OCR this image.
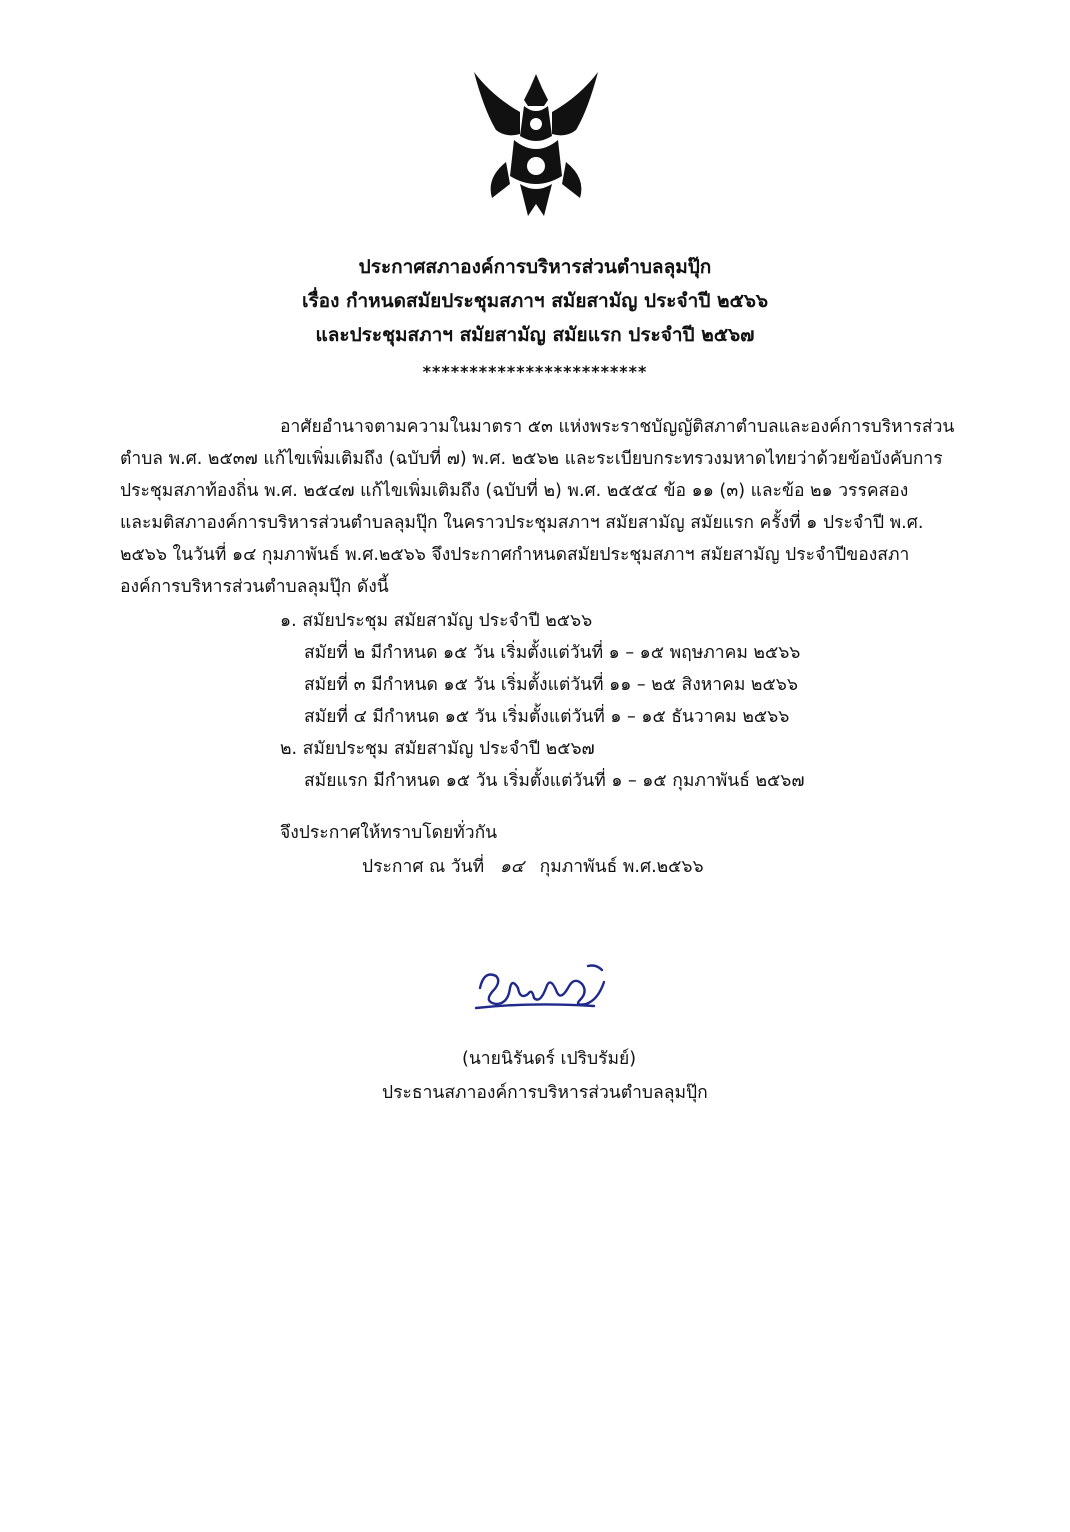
ประกาศสภาองค์การบริหารส่วนตำบลลุมปุ๊ก
เรื่อง กำหนดสมัยประชุมสภาฯ สมัยสามัญ ประจำปี ๒๕๖๖
และประชุมสภาฯ สมัยสามัญ สมัยแรก ประจำปี ๒๕๖๗
************************
อาศัยอำนาจตามความในมาตรา ๕๓ แห่งพระราชบัญญัติสภาตำบลและองค์การบริหารส่วน
ตำบล พ.ศ. ๒๕๓๗ แก้ไขเพิ่มเติมถึง (ฉบับที่ ๗) พ.ศ. ๒๕๖๒ และระเบียบกระทรวงมหาดไทยว่าด้วยข้อบังคับการ
ประชุมสภาท้องถิ่น พ.ศ. ๒๕๔๗ แก้ไขเพิ่มเติมถึง (ฉบับที่ ๒) พ.ศ. ๒๕๕๔ ข้อ ๑๑ (๓) และข้อ ๒๑ วรรคสอง
และมติสภาองค์การบริหารส่วนตำบลลุมปุ๊ก ในคราวประชุมสภาฯ สมัยสามัญ สมัยแรก ครั้งที่ ๑ ประจำปี พ.ศ.
๒๕๖๖ ในวันที่ ๑๔ กุมภาพันธ์ พ.ศ.๒๕๖๖ จึงประกาศกำหนดสมัยประชุมสภาฯ สมัยสามัญ ประจำปีของสภา
องค์การบริหารส่วนตำบลลุมปุ๊ก ดังนี้
๑. สมัยประชุม สมัยสามัญ ประจำปี ๒๕๖๖
สมัยที่ ๒ มีกำหนด ๑๕ วัน เริ่มตั้งแต่วันที่ ๑ – ๑๕ พฤษภาคม ๒๕๖๖
สมัยที่ ๓ มีกำหนด ๑๕ วัน เริ่มตั้งแต่วันที่ ๑๑ – ๒๕ สิงหาคม ๒๕๖๖
สมัยที่ ๔ มีกำหนด ๑๕ วัน เริ่มตั้งแต่วันที่ ๑ – ๑๕ ธันวาคม ๒๕๖๖
๒. สมัยประชุม สมัยสามัญ ประจำปี ๒๕๖๗
สมัยแรก มีกำหนด ๑๕ วัน เริ่มตั้งแต่วันที่ ๑ – ๑๕ กุมภาพันธ์ ๒๕๖๗
จึงประกาศให้ทราบโดยทั่วกัน
ประกาศ ณ วันที่ ๑๔ กุมภาพันธ์ พ.ศ.๒๕๖๖
(นายนิรันดร์ เปริบรัมย์)
ประธานสภาองค์การบริหารส่วนตำบลลุมปุ๊ก
